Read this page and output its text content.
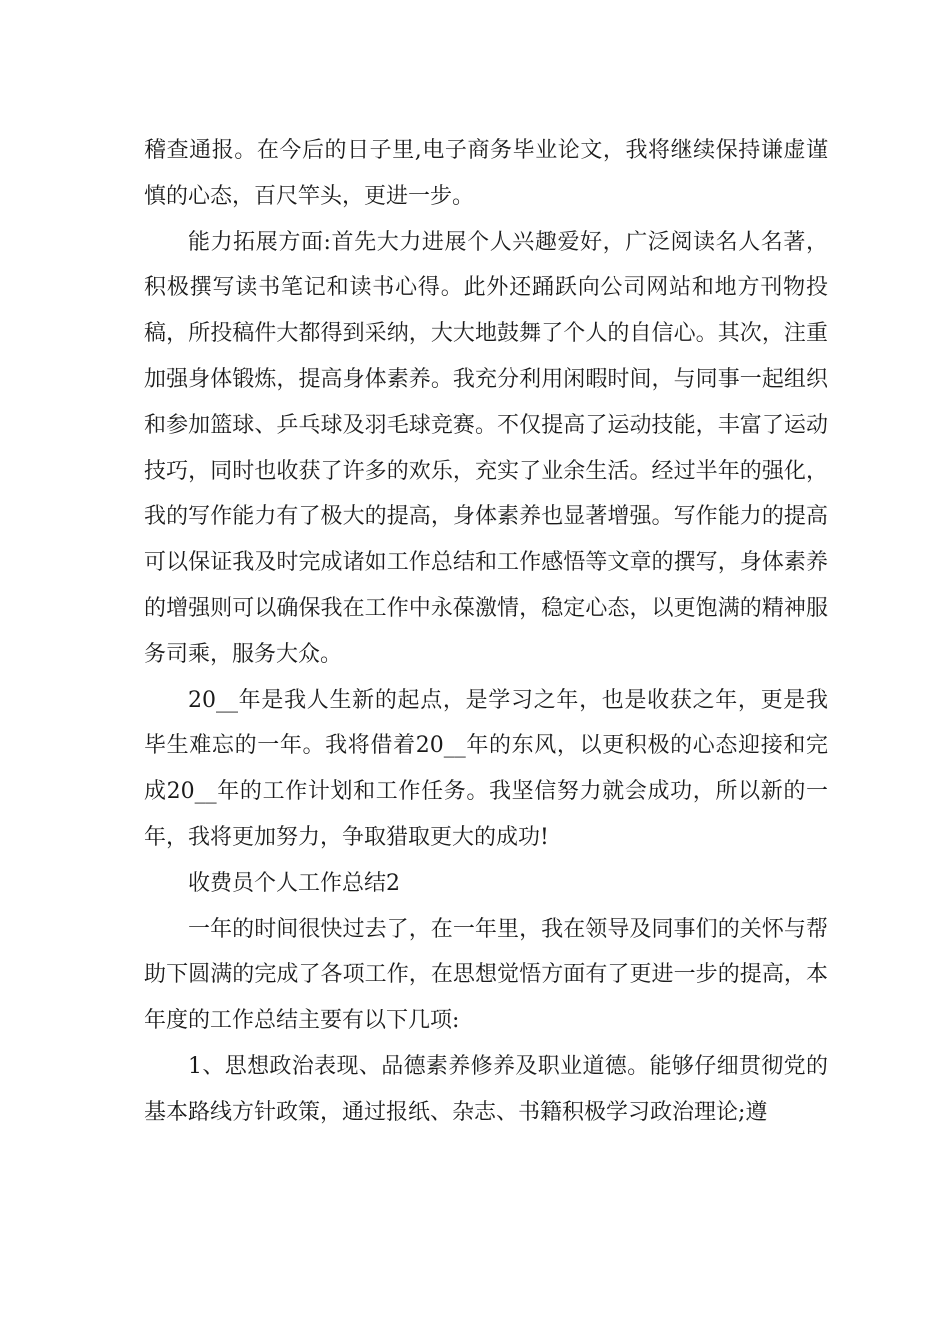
稽查通报。在今后的日子里,电子商务毕业论文，我将继续保持谦虚谨慎的心态，百尺竿头，更进一步。

能力拓展方面:首先大力进展个人兴趣爱好，广泛阅读名人名著，积极撰写读书笔记和读书心得。此外还踊跃向公司网站和地方刊物投稿，所投稿件大都得到采纳，大大地鼓舞了个人的自信心。其次，注重加强身体锻炼，提高身体素养。我充分利用闲暇时间，与同事一起组织和参加篮球、乒乓球及羽毛球竞赛。不仅提高了运动技能，丰富了运动技巧，同时也收获了许多的欢乐，充实了业余生活。经过半年的强化，我的写作能力有了极大的提高，身体素养也显著增强。写作能力的提高可以保证我及时完成诸如工作总结和工作感悟等文章的撰写，身体素养的增强则可以确保我在工作中永葆激情，稳定心态，以更饱满的精神服务司乘，服务大众。

20__年是我人生新的起点，是学习之年，也是收获之年，更是我毕生难忘的一年。我将借着20__年的东风，以更积极的心态迎接和完成20__年的工作计划和工作任务。我坚信努力就会成功，所以新的一年，我将更加努力，争取猎取更大的成功!

收费员个人工作总结2

一年的时间很快过去了，在一年里，我在领导及同事们的关怀与帮助下圆满的完成了各项工作，在思想觉悟方面有了更进一步的提高，本年度的工作总结主要有以下几项:

1、思想政治表现、品德素养修养及职业道德。能够仔细贯彻党的基本路线方针政策，通过报纸、杂志、书籍积极学习政治理论;遵
